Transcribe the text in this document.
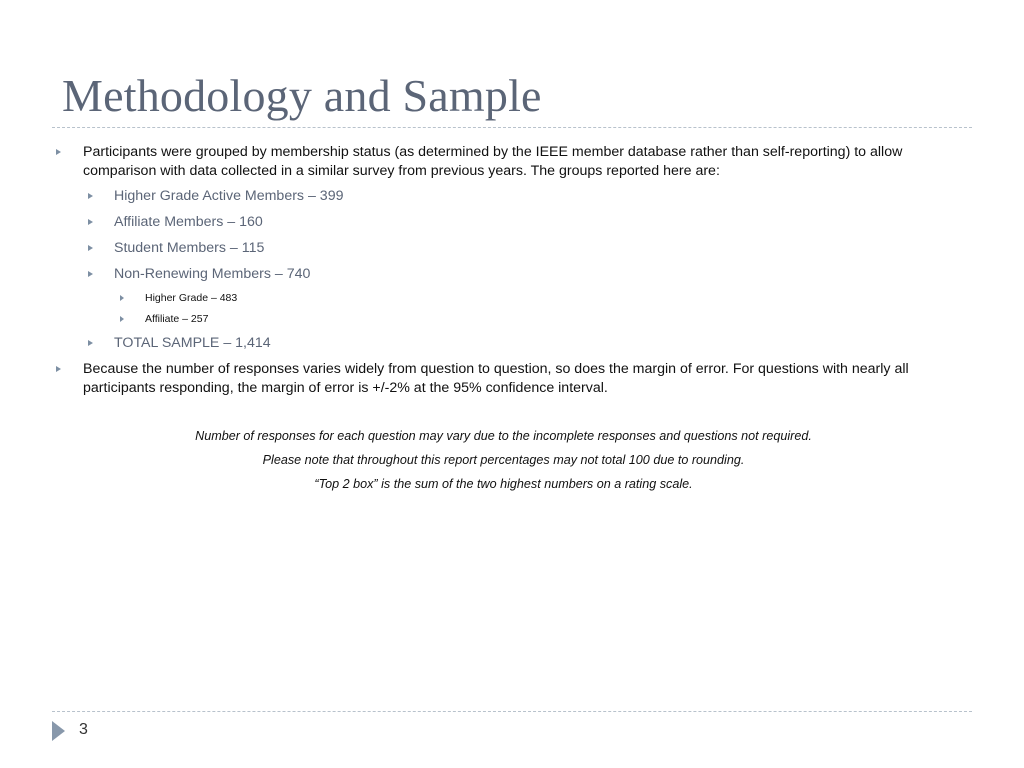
Methodology and Sample
Participants were grouped by membership status (as determined by the IEEE member database rather than self-reporting) to allow comparison with data collected in a similar survey from previous years. The groups reported here are:
Higher Grade Active Members – 399
Affiliate Members – 160
Student Members – 115
Non-Renewing Members – 740
Higher Grade – 483
Affiliate – 257
TOTAL SAMPLE – 1,414
Because the number of responses varies widely from question to question, so does the margin of error. For questions with nearly all participants responding, the margin of error is +/-2% at the 95% confidence interval.
Number of responses for each question may vary due to the incomplete responses and questions not required.
Please note that throughout this report percentages may not total 100 due to rounding.
“Top 2 box” is the sum of the two highest numbers on a rating scale.
3
